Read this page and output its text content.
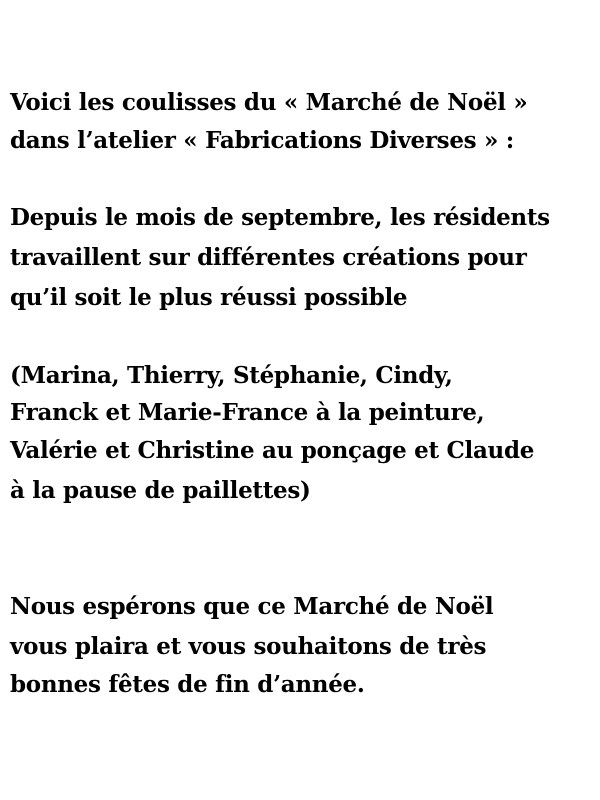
Voici les coulisses du « Marché de Noël »
dans l’atelier « Fabrications Diverses » :
Depuis le mois de septembre, les résidents
travaillent sur différentes créations pour
qu’il soit le plus réussi possible
(Marina, Thierry, Stéphanie, Cindy,
Franck et Marie-France à la peinture,
Valérie et Christine au ponçage et Claude
à la pause de paillettes)
Nous espérons que ce Marché de Noël
vous plaira et vous souhaitons de très
bonnes fêtes de fin d’année.
